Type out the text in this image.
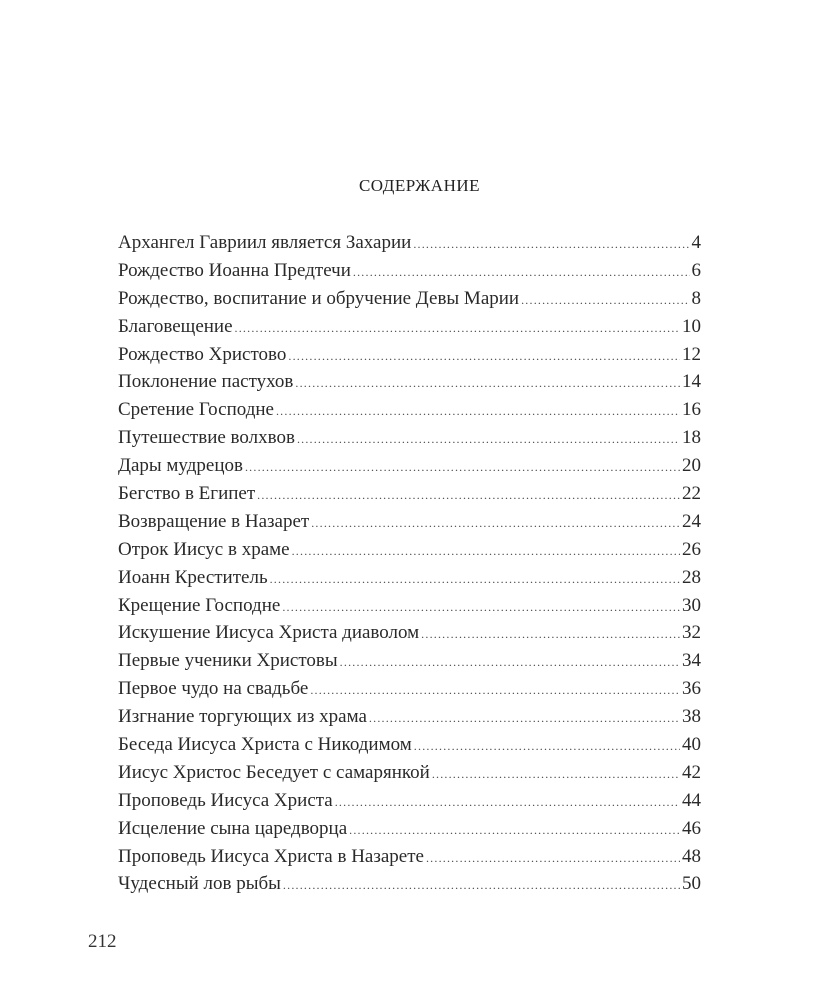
СОДЕРЖАНИЕ
Архангел Гавриил является Захарии .....	4
Рождество Иоанна Предтечи .....	6
Рождество, воспитание и обручение Девы Марии .....	8
Благовещение .....	10
Рождество Христово .....	12
Поклонение пастухов .....	14
Сретение Господне .....	16
Путешествие волхвов .....	18
Дары мудрецов .....	20
Бегство в Египет .....	22
Возвращение в Назарет .....	24
Отрок Иисус в храме .....	26
Иоанн Креститель .....	28
Крещение Господне .....	30
Искушение Иисуса Христа диаволом .....	32
Первые ученики Христовы .....	34
Первое чудо на свадьбе .....	36
Изгнание торгующих из храма .....	38
Беседа Иисуса Христа с Никодимом .....	40
Иисус Христос Беседует с самарянкой .....	42
Проповедь Иисуса Христа .....	44
Исцеление сына царедворца .....	46
Проповедь Иисуса Христа в Назарете .....	48
Чудесный лов рыбы .....	50
212
